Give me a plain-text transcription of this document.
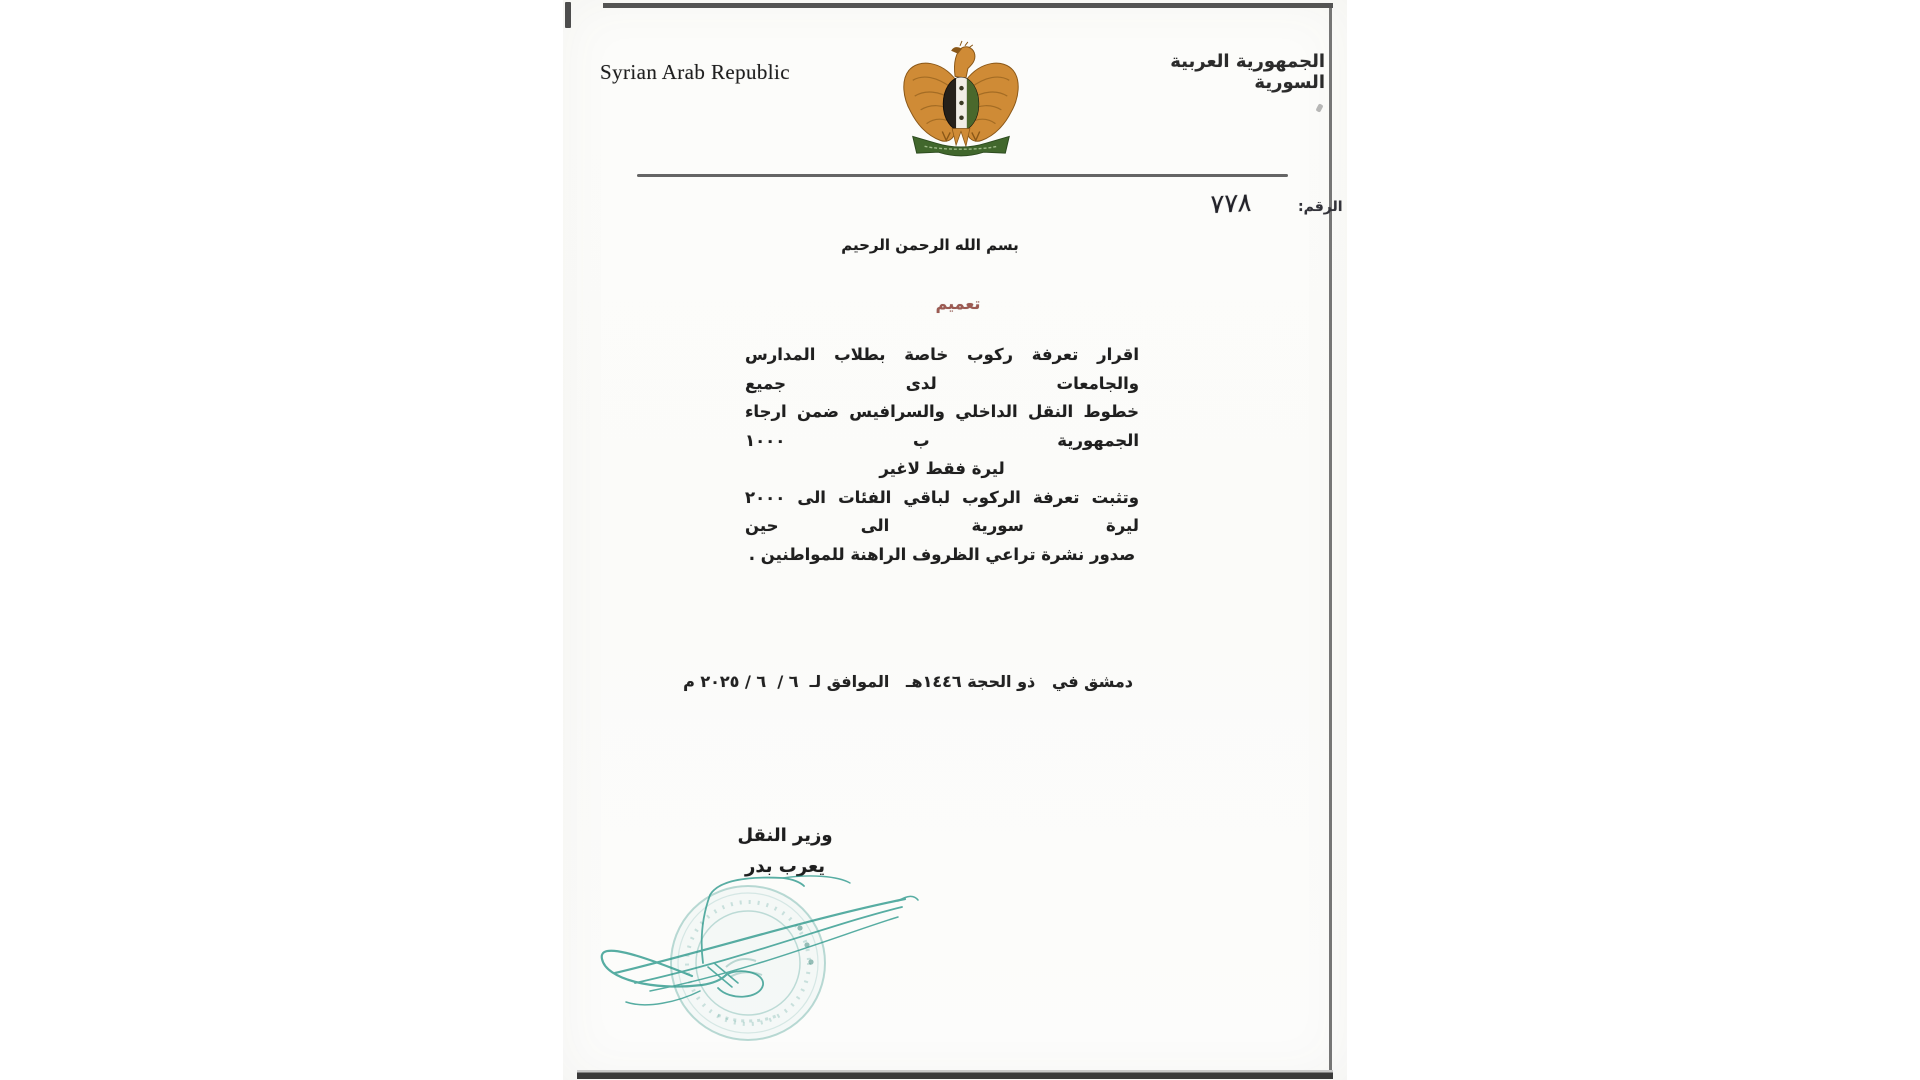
Syrian Arab Republic	الجمهورية العربية السورية
الرقم:
٧٧٨
بسم الله الرحمن الرحيم
تعميم
اقرار تعرفة ركوب خاصة بطلاب المدارس والجامعات لدى جميع
خطوط النقل الداخلي والسرافيس ضمن ارجاء الجمهورية ب ١٠٠٠
ليرة فقط لاغير
وتثبت تعرفة الركوب لباقي الفئات الى ٢٠٠٠ ليرة سورية الى حين
صدور نشرة تراعي الظروف الراهنة للمواطنين .
دمشق في   ذو الحجة ١٤٤٦هـ   الموافق لـ  ٦ /  ٦ / ٢٠٢٥ م
وزير النقل
يعرب بدر
